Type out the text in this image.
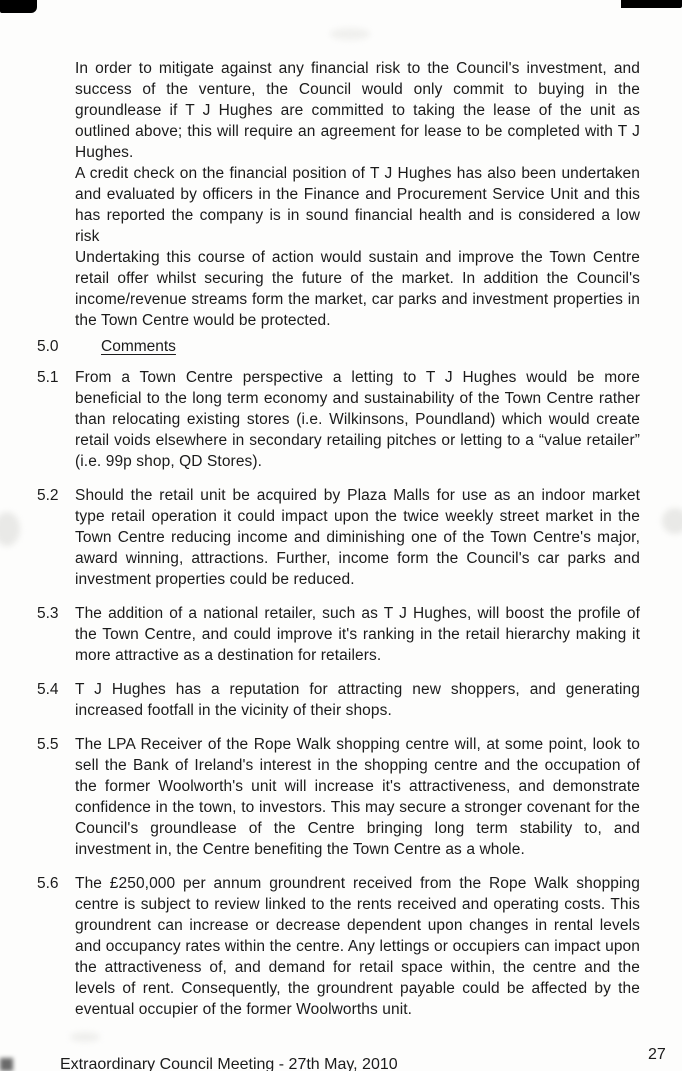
In order to mitigate against any financial risk to the Council's investment, and success of the venture, the Council would only commit to buying in the groundlease if T J Hughes are committed to taking the lease of the unit as outlined above; this will require an agreement for lease to be completed with T J Hughes.

A credit check on the financial position of T J Hughes has also been undertaken and evaluated by officers in the Finance and Procurement Service Unit and this has reported the company is in sound financial health and is considered a low risk

Undertaking this course of action would sustain and improve the Town Centre retail offer whilst securing the future of the market. In addition the Council's income/revenue streams form the market, car parks and investment properties in the Town Centre would be protected.

5.0	Comments
5.1 From a Town Centre perspective a letting to T J Hughes would be more beneficial to the long term economy and sustainability of the Town Centre rather than relocating existing stores (i.e. Wilkinsons, Poundland) which would create retail voids elsewhere in secondary retailing pitches or letting to a “value retailer” (i.e. 99p shop, QD Stores).

5.2 Should the retail unit be acquired by Plaza Malls for use as an indoor market type retail operation it could impact upon the twice weekly street market in the Town Centre reducing income and diminishing one of the Town Centre's major, award winning, attractions. Further, income form the Council's car parks and investment properties could be reduced.

5.3 The addition of a national retailer, such as T J Hughes, will boost the profile of the Town Centre, and could improve it's ranking in the retail hierarchy making it more attractive as a destination for retailers.

5.4 T J Hughes has a reputation for attracting new shoppers, and generating increased footfall in the vicinity of their shops.

5.5 The LPA Receiver of the Rope Walk shopping centre will, at some point, look to sell the Bank of Ireland's interest in the shopping centre and the occupation of the former Woolworth's unit will increase it's attractiveness, and demonstrate confidence in the town, to investors. This may secure a stronger covenant for the Council's groundlease of the Centre bringing long term stability to, and investment in, the Centre benefiting the Town Centre as a whole.

5.6 The £250,000 per annum groundrent received from the Rope Walk shopping centre is subject to review linked to the rents received and operating costs. This groundrent can increase or decrease dependent upon changes in rental levels and occupancy rates within the centre. Any lettings or occupiers can impact upon the attractiveness of, and demand for retail space within, the centre and the levels of rent. Consequently, the groundrent payable could be affected by the eventual occupier of the former Woolworths unit.

Extraordinary Council Meeting - 27th May, 2010
27
